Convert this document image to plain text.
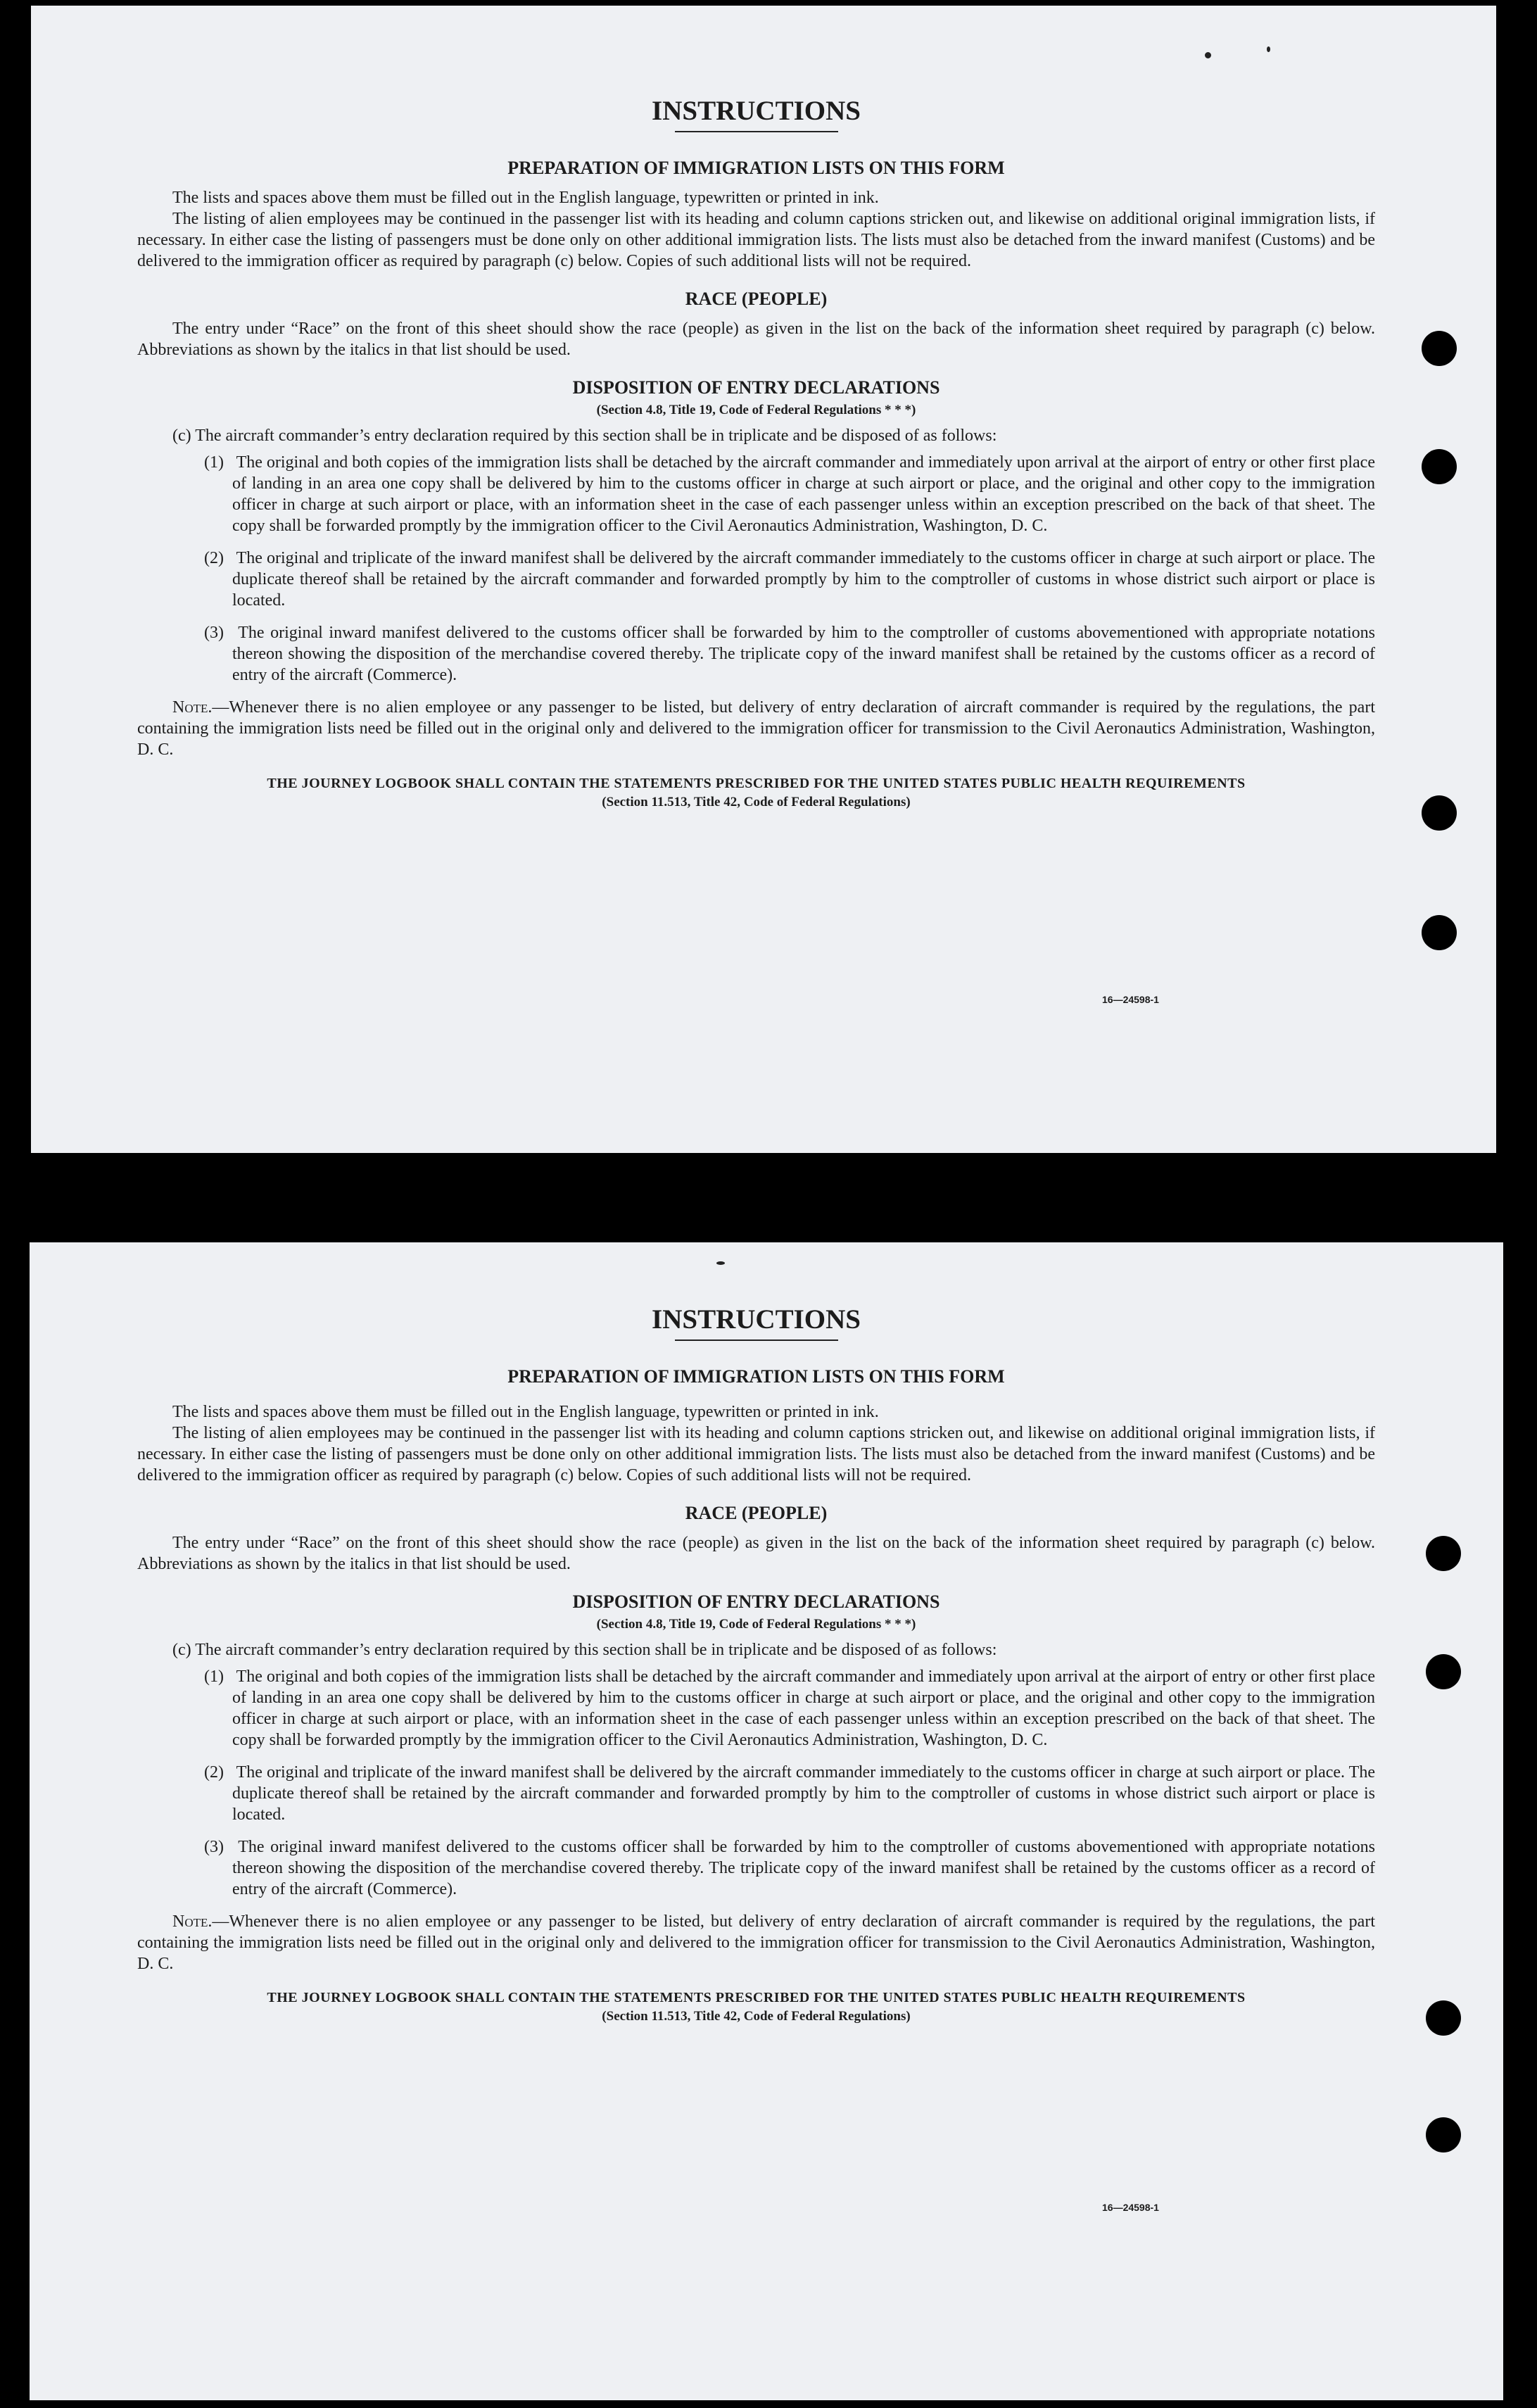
INSTRUCTIONS
PREPARATION OF IMMIGRATION LISTS ON THIS FORM

The lists and spaces above them must be filled out in the English language, typewritten or printed in ink.

The listing of alien employees may be continued in the passenger list with its heading and column captions stricken out, and likewise on additional original immigration lists, if necessary. In either case the listing of passengers must be done only on other additional immigration lists. The lists must also be detached from the inward manifest (Customs) and be delivered to the immigration officer as required by paragraph (c) below. Copies of such additional lists will not be required.

RACE (PEOPLE)

The entry under “Race” on the front of this sheet should show the race (people) as given in the list on the back of the information sheet required by paragraph (c) below. Abbreviations as shown by the italics in that list should be used.

DISPOSITION OF ENTRY DECLARATIONS
(Section 4.8, Title 19, Code of Federal Regulations * * *)
(c) The aircraft commander’s entry declaration required by this section shall be in triplicate and be disposed of as follows:
(1) The original and both copies of the immigration lists shall be detached by the aircraft commander and immediately upon arrival at the airport of entry or other first place of landing in an area one copy shall be delivered by him to the customs officer in charge at such airport or place, and the original and other copy to the immigration officer in charge at such airport or place, with an information sheet in the case of each passenger unless within an exception prescribed on the back of that sheet. The copy shall be forwarded promptly by the immigration officer to the Civil Aeronautics Administration, Washington, D. C.
(2) The original and triplicate of the inward manifest shall be delivered by the aircraft commander immediately to the customs officer in charge at such airport or place. The duplicate thereof shall be retained by the aircraft commander and forwarded promptly by him to the comptroller of customs in whose district such airport or place is located.
(3) The original inward manifest delivered to the customs officer shall be forwarded by him to the comptroller of customs abovementioned with appropriate notations thereon showing the disposition of the merchandise covered thereby. The triplicate copy of the inward manifest shall be retained by the customs officer as a record of entry of the aircraft (Commerce).

Note.—Whenever there is no alien employee or any passenger to be listed, but delivery of entry declaration of aircraft commander is required by the regulations, the part containing the immigration lists need be filled out in the original only and delivered to the immigration officer for transmission to the Civil Aeronautics Administration, Washington, D. C.

THE JOURNEY LOGBOOK SHALL CONTAIN THE STATEMENTS PRESCRIBED FOR THE UNITED STATES PUBLIC HEALTH REQUIREMENTS
(Section 11.513, Title 42, Code of Federal Regulations)
16—24598-1
INSTRUCTIONS
PREPARATION OF IMMIGRATION LISTS ON THIS FORM

The lists and spaces above them must be filled out in the English language, typewritten or printed in ink.

The listing of alien employees may be continued in the passenger list with its heading and column captions stricken out, and likewise on additional original immigration lists, if necessary. In either case the listing of passengers must be done only on other additional immigration lists. The lists must also be detached from the inward manifest (Customs) and be delivered to the immigration officer as required by paragraph (c) below. Copies of such additional lists will not be required.

RACE (PEOPLE)

The entry under “Race” on the front of this sheet should show the race (people) as given in the list on the back of the information sheet required by paragraph (c) below. Abbreviations as shown by the italics in that list should be used.

DISPOSITION OF ENTRY DECLARATIONS
(Section 4.8, Title 19, Code of Federal Regulations * * *)
(c) The aircraft commander’s entry declaration required by this section shall be in triplicate and be disposed of as follows:
(1) The original and both copies of the immigration lists shall be detached by the aircraft commander and immediately upon arrival at the airport of entry or other first place of landing in an area one copy shall be delivered by him to the customs officer in charge at such airport or place, and the original and other copy to the immigration officer in charge at such airport or place, with an information sheet in the case of each passenger unless within an exception prescribed on the back of that sheet. The copy shall be forwarded promptly by the immigration officer to the Civil Aeronautics Administration, Washington, D. C.
(2) The original and triplicate of the inward manifest shall be delivered by the aircraft commander immediately to the customs officer in charge at such airport or place. The duplicate thereof shall be retained by the aircraft commander and forwarded promptly by him to the comptroller of customs in whose district such airport or place is located.
(3) The original inward manifest delivered to the customs officer shall be forwarded by him to the comptroller of customs abovementioned with appropriate notations thereon showing the disposition of the merchandise covered thereby. The triplicate copy of the inward manifest shall be retained by the customs officer as a record of entry of the aircraft (Commerce).

Note.—Whenever there is no alien employee or any passenger to be listed, but delivery of entry declaration of aircraft commander is required by the regulations, the part containing the immigration lists need be filled out in the original only and delivered to the immigration officer for transmission to the Civil Aeronautics Administration, Washington, D. C.

THE JOURNEY LOGBOOK SHALL CONTAIN THE STATEMENTS PRESCRIBED FOR THE UNITED STATES PUBLIC HEALTH REQUIREMENTS
(Section 11.513, Title 42, Code of Federal Regulations)
16—24598-1
